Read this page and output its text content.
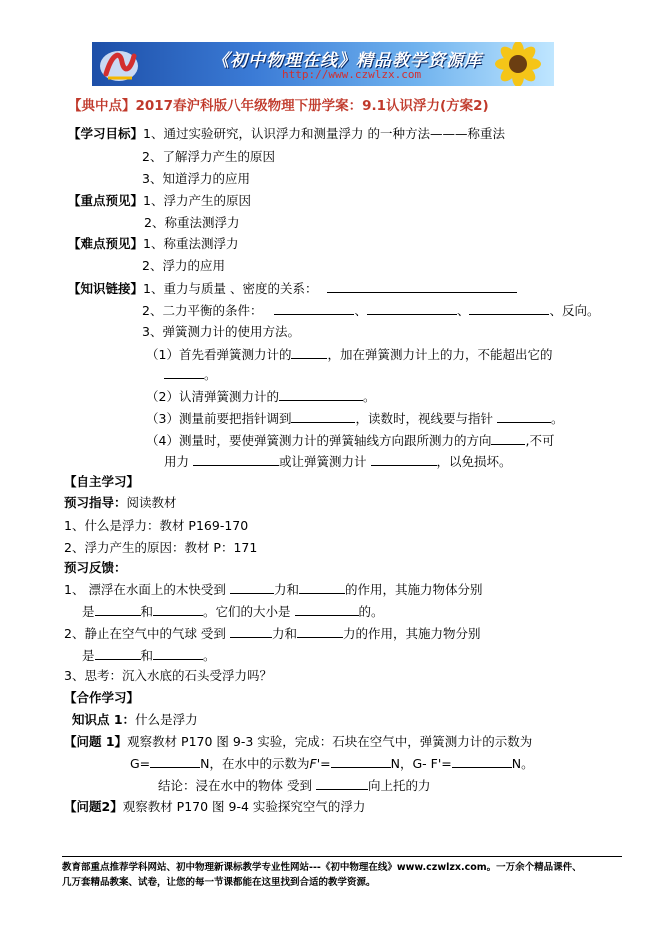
《初中物理在线》精品教学资源库
http://www.czwlzx.com
【典中点】2017春沪科版八年级物理下册学案：9.1认识浮力(方案2)
【学习目标】1、通过实验研究，认识浮力和测量浮力 的一种方法———称重法
2、了解浮力产生的原因
3、知道浮力的应用
【重点预见】1、浮力产生的原因
2、称重法测浮力
【难点预见】1、称重法测浮力
2、浮力的应用
【知识链接】1、重力与质量 、密度的关系：
2、二力平衡的条件：	、	、	、反向。
3、弹簧测力计的使用方法。
（1）首先看弹簧测力计的	，加在弹簧测力计上的力，不能超出它的
。
（2）认清弹簧测力计的	。
（3）测量前要把指针调到	，读数时，视线要与指针	。
（4）测量时，要使弹簧测力计的弹簧轴线方向跟所测力的方向	,不可
用力	或让弹簧测力计	，以免损坏。
【自主学习】
预习指导：阅读教材
1、什么是浮力：教材 P169-170
2、浮力产生的原因：教材 P：171
预习反馈：
1、 漂浮在水面上的木快受到	力和	的作用，其施力物体分别
是	和	。它们的大小是	的。
2、静止在空气中的气球 受到	力和	力的作用，其施力物分别
是	和	。
3、思考：沉入水底的石头受浮力吗？
【合作学习】
知识点 1：什么是浮力
【问题 1】观察教材 P170 图 9-3 实验，完成：石块在空气中，弹簧测力计的示数为
G=	N，在水中的示数为F'=	N，G- F'=	N。
结论：浸在水中的物体 受到	向上托的力
【问题2】观察教材 P170 图 9-4 实验探究空气的浮力
教育部重点推荐学科网站、初中物理新课标教学专业性网站---《初中物理在线》www.czwlzx.com。一万余个精品课件、
几万套精品教案、试卷，让您的每一节课都能在这里找到合适的教学资源。
